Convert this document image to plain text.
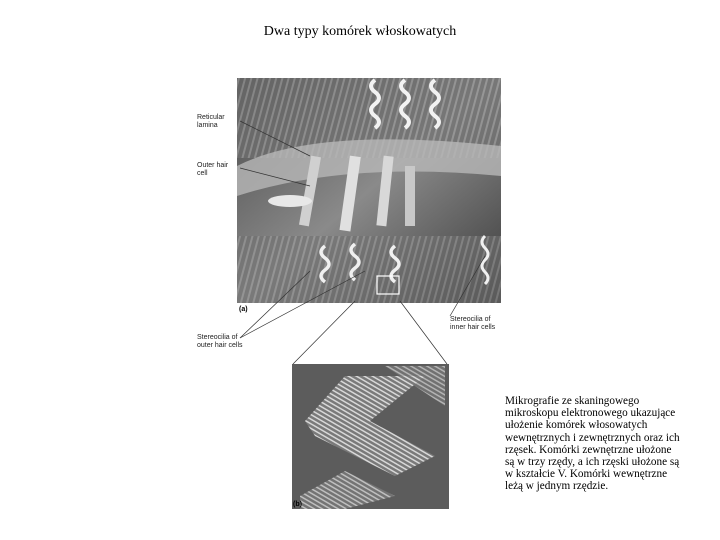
Dwa typy komórek włoskowatych
Reticular
lamina
Outer hair
cell
Stereocilia of
outer hair cells
Stereocilia of
inner hair cells
(a)
(b)
Mikrografie ze skaningowego
mikroskopu elektronowego ukazujące
ułożenie komórek włosowatych
wewnętrznych i zewnętrznych oraz ich
rzęsek. Komórki zewnętrzne ułożone
są w trzy rzędy, a ich rzęski ułożone są
w kształcie V. Komórki wewnętrzne
leżą w jednym rzędzie.
